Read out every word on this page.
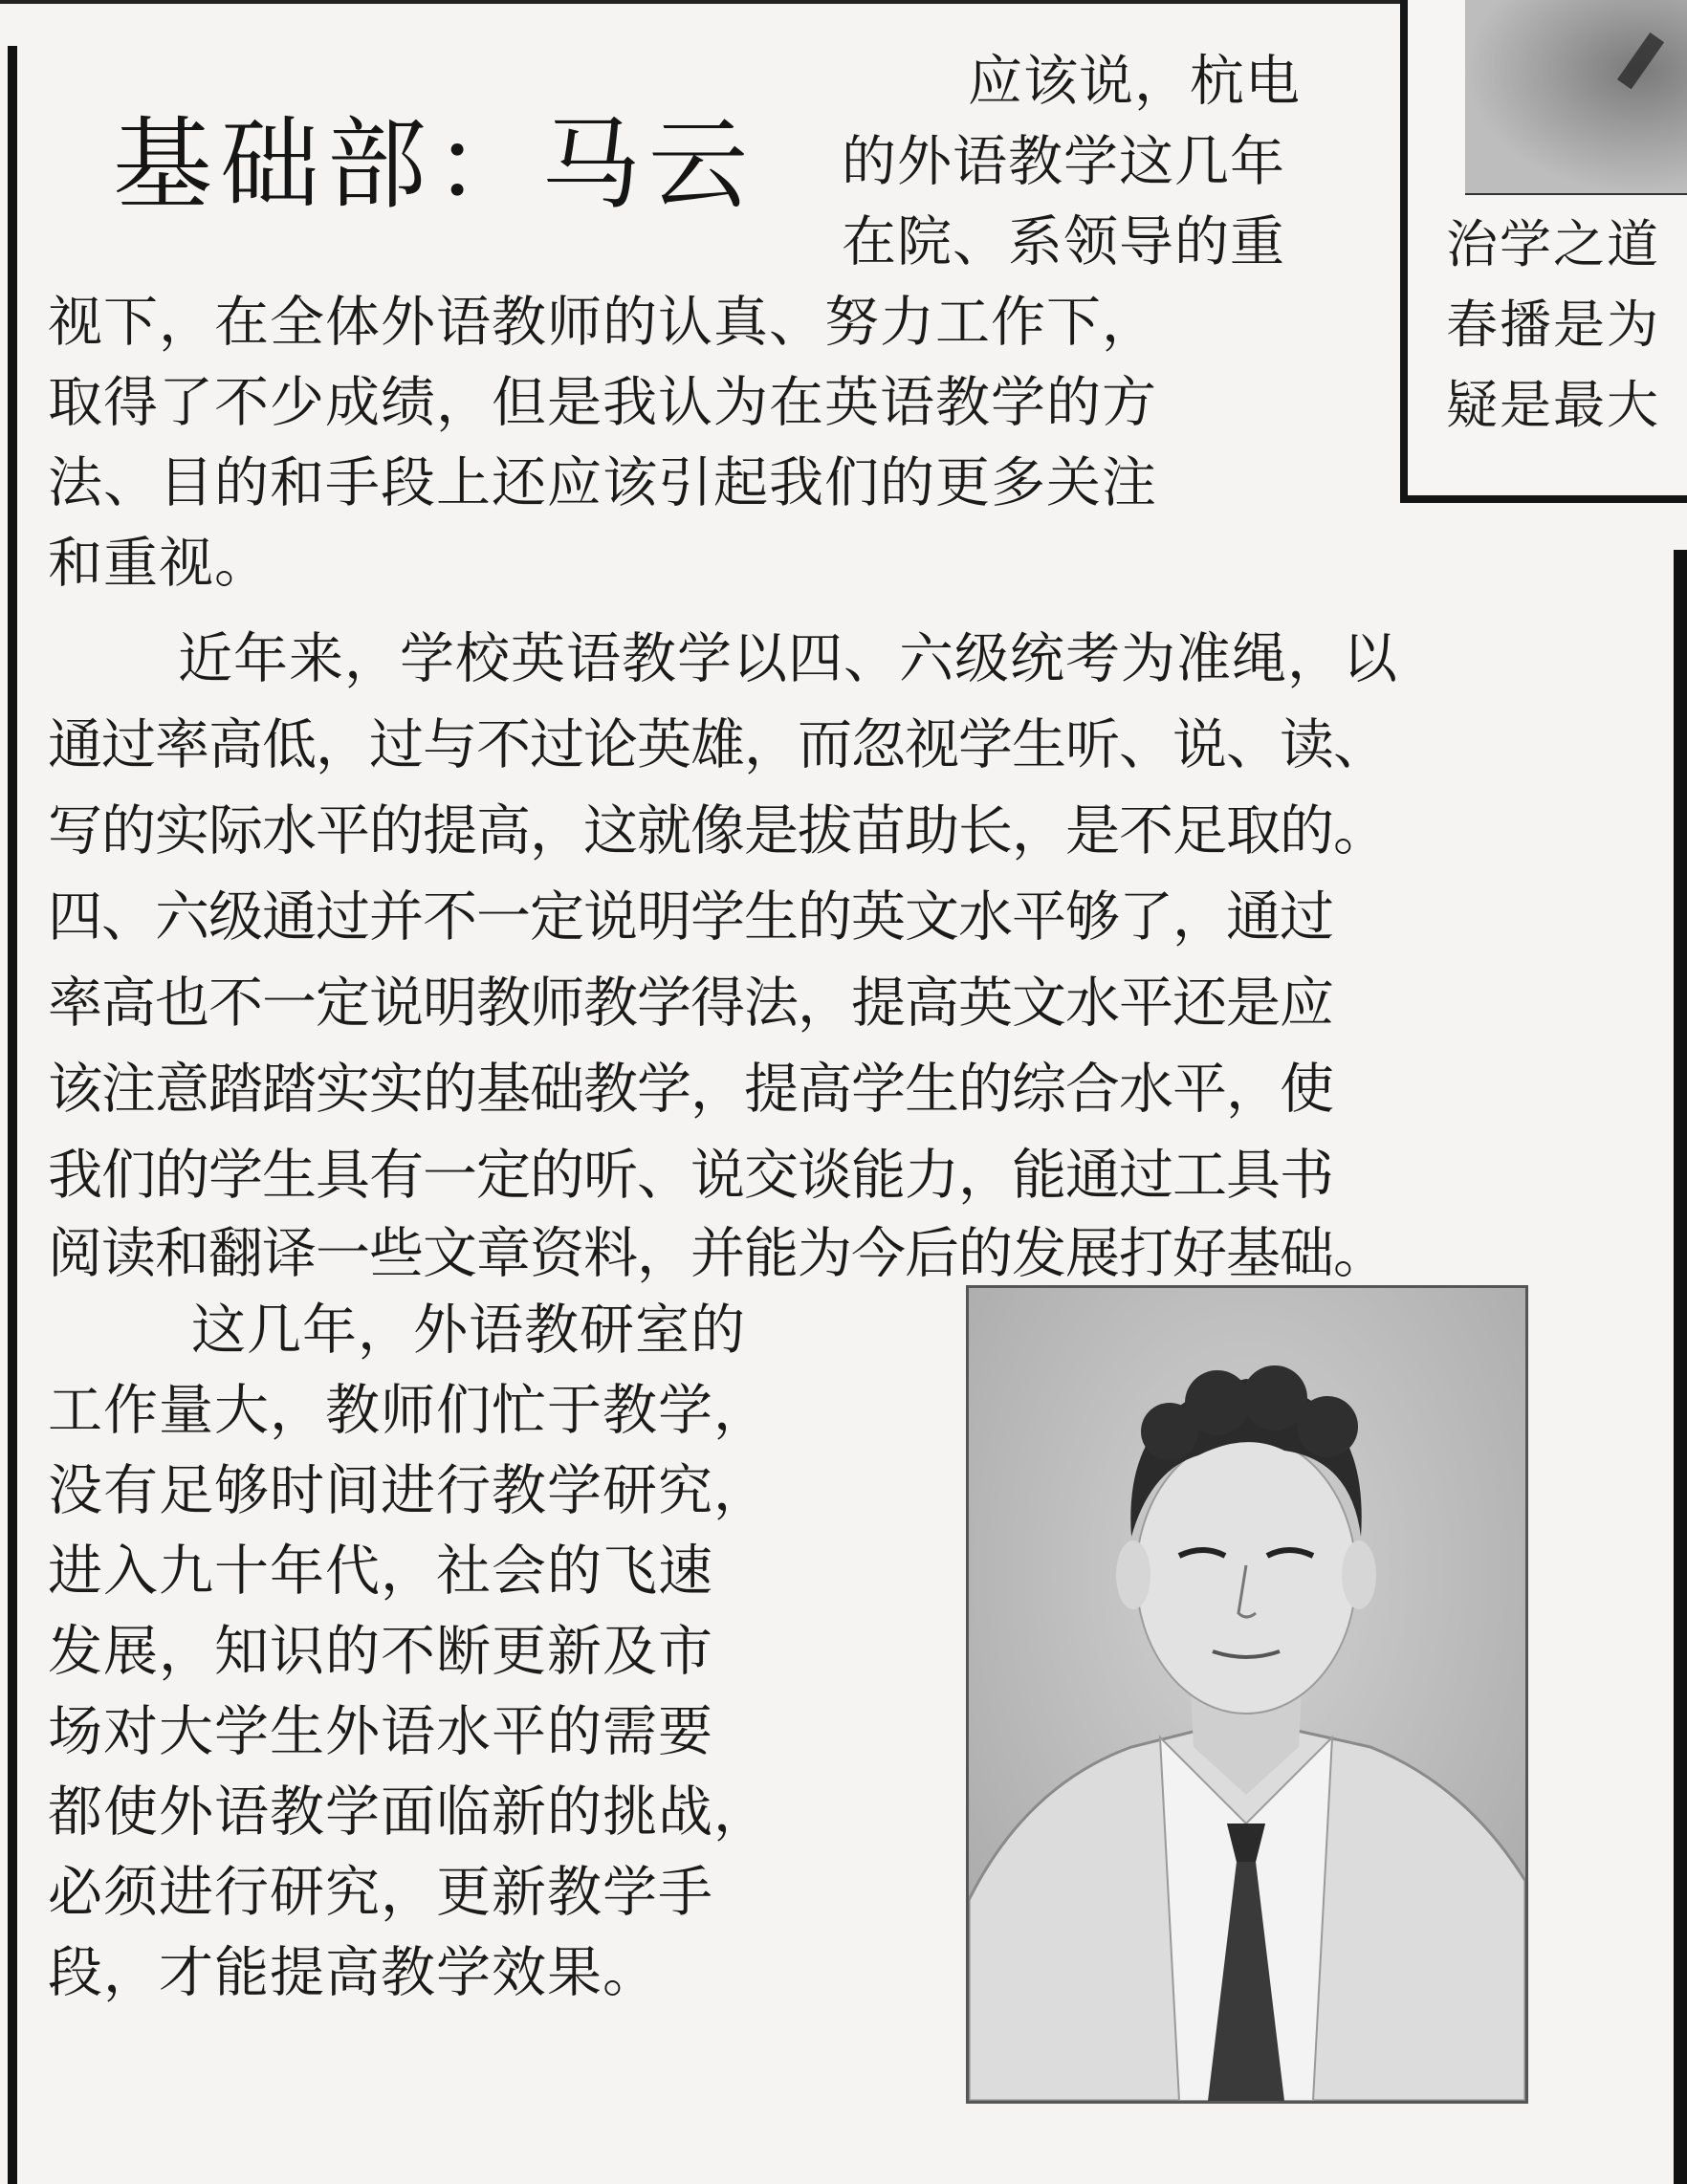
治学之道
春播是为
疑是最大
基础部：马云
应该说，杭电
的外语教学这几年
在院、系领导的重
视下，在全体外语教师的认真、努力工作下，
取得了不少成绩，但是我认为在英语教学的方
法、目的和手段上还应该引起我们的更多关注
和重视。
近年来，学校英语教学以四、六级统考为准绳，以
通过率高低，过与不过论英雄，而忽视学生听、说、读、
写的实际水平的提高，这就像是拔苗助长，是不足取的。
四、六级通过并不一定说明学生的英文水平够了，通过
率高也不一定说明教师教学得法，提高英文水平还是应
该注意踏踏实实的基础教学，提高学生的综合水平，使
我们的学生具有一定的听、说交谈能力，能通过工具书
阅读和翻译一些文章资料，并能为今后的发展打好基础。
这几年，外语教研室的
工作量大，教师们忙于教学，
没有足够时间进行教学研究，
进入九十年代，社会的飞速
发展，知识的不断更新及市
场对大学生外语水平的需要
都使外语教学面临新的挑战，
必须进行研究，更新教学手
段，才能提高教学效果。
